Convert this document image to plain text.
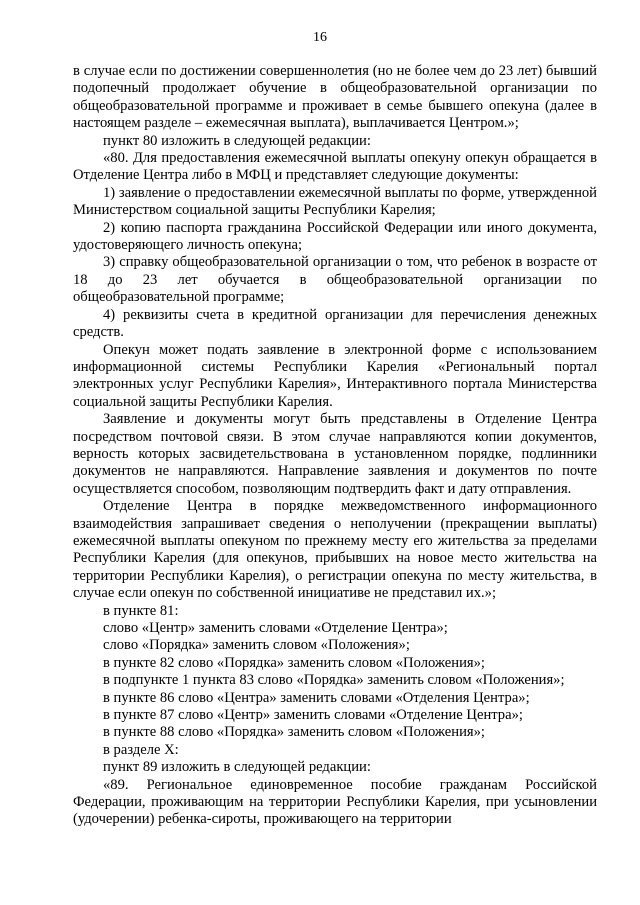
16

в случае если по достижении совершеннолетия (но не более чем до 23 лет) бывший подопечный продолжает обучение в общеобразовательной организации по общеобразовательной программе и проживает в семье бывшего опекуна (далее в настоящем разделе – ежемесячная выплата), выплачивается Центром.»;

пункт 80 изложить в следующей редакции:

«80. Для предоставления ежемесячной выплаты опекуну опекун обращается в Отделение Центра либо в МФЦ и представляет следующие документы:

1) заявление о предоставлении ежемесячной выплаты по форме, утвержденной Министерством социальной защиты Республики Карелия;

2) копию паспорта гражданина Российской Федерации или иного документа, удостоверяющего личность опекуна;

3) справку общеобразовательной организации о том, что ребенок в возрасте от 18 до 23 лет обучается в общеобразовательной организации по общеобразовательной программе;

4) реквизиты счета в кредитной организации для перечисления денежных средств.

Опекун может подать заявление в электронной форме с использованием информационной системы Республики Карелия «Региональный портал электронных услуг Республики Карелия», Интерактивного портала Министерства социальной защиты Республики Карелия.

Заявление и документы могут быть представлены в Отделение Центра посредством почтовой связи. В этом случае направляются копии документов, верность которых засвидетельствована в установленном порядке, подлинники документов не направляются. Направление заявления и документов по почте осуществляется способом, позволяющим подтвердить факт и дату отправления.

Отделение Центра в порядке межведомственного информационного взаимодействия запрашивает сведения о неполучении (прекращении выплаты) ежемесячной выплаты опекуном по прежнему месту его жительства за пределами Республики Карелия (для опекунов, прибывших на новое место жительства на территории Республики Карелия), о регистрации опекуна по месту жительства, в случае если опекун по собственной инициативе не представил их.»;

в пункте 81:

слово «Центр» заменить словами «Отделение Центра»;

слово «Порядка» заменить словом «Положения»;

в пункте 82 слово «Порядка» заменить словом «Положения»;

в подпункте 1 пункта 83 слово «Порядка» заменить словом «Положения»;

в пункте 86 слово «Центра» заменить словами «Отделения Центра»;

в пункте 87 слово «Центр» заменить словами «Отделение Центра»;

в пункте 88 слово «Порядка» заменить словом «Положения»;

в разделе X:

пункт 89 изложить в следующей редакции:

«89. Региональное единовременное пособие гражданам Российской Федерации, проживающим на территории Республики Карелия, при усыновлении (удочерении) ребенка-сироты, проживающего на территории
